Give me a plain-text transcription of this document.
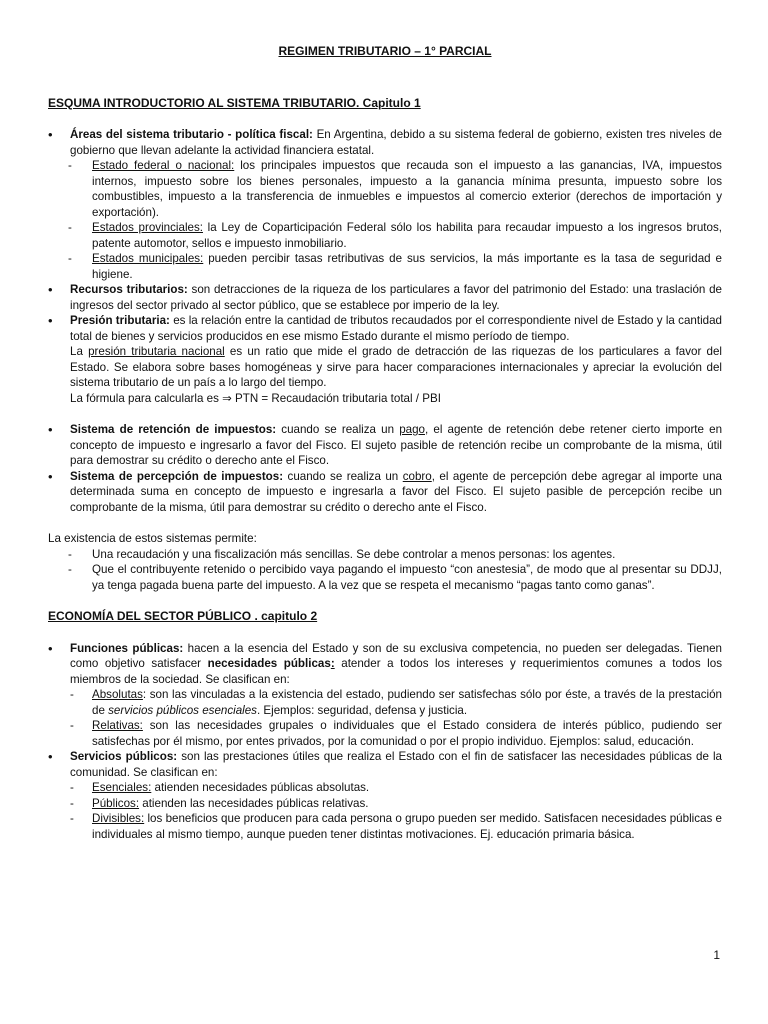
REGIMEN TRIBUTARIO – 1° PARCIAL

ESQUMA INTRODUCTORIO AL SISTEMA TRIBUTARIO. Capitulo 1

• Áreas del sistema tributario - política fiscal: En Argentina, debido a su sistema federal de gobierno, existen tres niveles de gobierno que llevan adelante la actividad financiera estatal.

- Estado federal o nacional: los principales impuestos que recauda son el impuesto a las ganancias, IVA, impuestos internos, impuesto sobre los bienes personales, impuesto a la ganancia mínima presunta, impuesto sobre los combustibles, impuesto a la transferencia de inmuebles e impuestos al comercio exterior (derechos de importación y exportación).

- Estados provinciales: la Ley de Coparticipación Federal sólo los habilita para recaudar impuesto a los ingresos brutos, patente automotor, sellos e impuesto inmobiliario.

- Estados municipales: pueden percibir tasas retributivas de sus servicios, la más importante es la tasa de seguridad e higiene.

• Recursos tributarios: son detracciones de la riqueza de los particulares a favor del patrimonio del Estado: una traslación de ingresos del sector privado al sector público, que se establece por imperio de la ley.

• Presión tributaria: es la relación entre la cantidad de tributos recaudados por el correspondiente nivel de Estado y la cantidad total de bienes y servicios producidos en ese mismo Estado durante el mismo período de tiempo.

La presión tributaria nacional es un ratio que mide el grado de detracción de las riquezas de los particulares a favor del Estado. Se elabora sobre bases homogéneas y sirve para hacer comparaciones internacionales y apreciar la evolución del sistema tributario de un país a lo largo del tiempo.

La fórmula para calcularla es ⇒ PTN = Recaudación tributaria total / PBI

• Sistema de retención de impuestos: cuando se realiza un pago, el agente de retención debe retener cierto importe en concepto de impuesto e ingresarlo a favor del Fisco. El sujeto pasible de retención recibe un comprobante de la misma, útil para demostrar su crédito o derecho ante el Fisco.

• Sistema de percepción de impuestos: cuando se realiza un cobro, el agente de percepción debe agregar al importe una determinada suma en concepto de impuesto e ingresarla a favor del Fisco. El sujeto pasible de percepción recibe un comprobante de la misma, útil para demostrar su crédito o derecho ante el Fisco.

La existencia de estos sistemas permite:

- Una recaudación y una fiscalización más sencillas. Se debe controlar a menos personas: los agentes.

- Que el contribuyente retenido o percibido vaya pagando el impuesto “con anestesia”, de modo que al presentar su DDJJ, ya tenga pagada buena parte del impuesto. A la vez que se respeta el mecanismo “pagas tanto como ganas”.

ECONOMÍA DEL SECTOR PÚBLICO . capitulo 2

• Funciones públicas: hacen a la esencia del Estado y son de su exclusiva competencia, no pueden ser delegadas. Tienen como objetivo satisfacer necesidades públicas: atender a todos los intereses y requerimientos comunes a todos los miembros de la sociedad. Se clasifican en:

- Absolutas: son las vinculadas a la existencia del estado, pudiendo ser satisfechas sólo por éste, a través de la prestación de servicios públicos esenciales. Ejemplos: seguridad, defensa y justicia.

- Relativas: son las necesidades grupales o individuales que el Estado considera de interés público, pudiendo ser satisfechas por él mismo, por entes privados, por la comunidad o por el propio individuo. Ejemplos: salud, educación.

• Servicios públicos: son las prestaciones útiles que realiza el Estado con el fin de satisfacer las necesidades públicas de la comunidad. Se clasifican en:

- Esenciales: atienden necesidades públicas absolutas.

- Públicos: atienden las necesidades públicas relativas.

- Divisibles: los beneficios que producen para cada persona o grupo pueden ser medido. Satisfacen necesidades públicas e individuales al mismo tiempo, aunque pueden tener distintas motivaciones. Ej. educación primaria básica.

1
